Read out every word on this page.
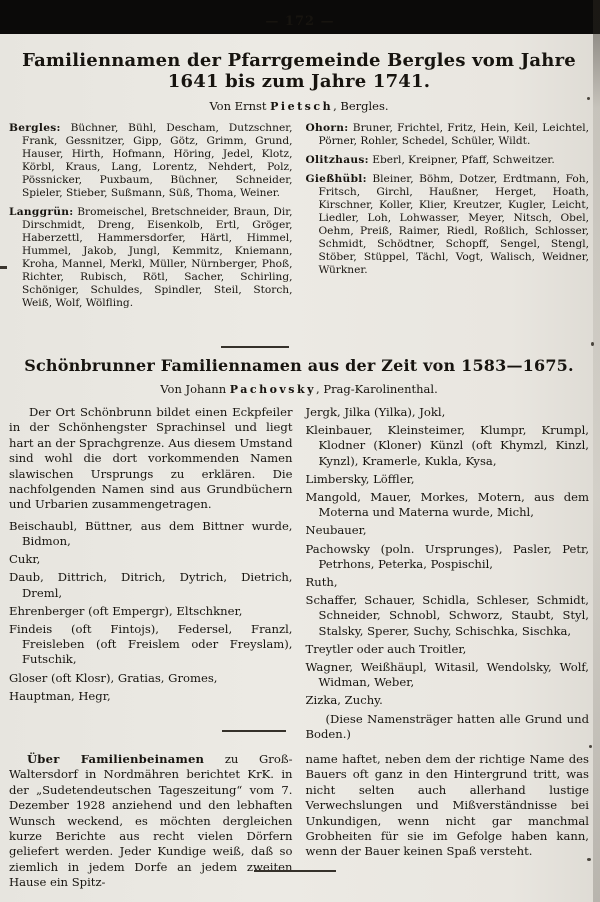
— 172 —
Familiennamen der Pfarrgemeinde Bergles vom Jahre
1641 bis zum Jahre 1741.
Von Ernst Pietsch, Bergles.

Bergles: Büchner, Bühl, Descham, Dutzschner, Frank, Gessnitzer, Gipp, Götz, Grimm, Grund, Hauser, Hirth, Hofmann, Höring, Jedel, Klotz, Körbl, Kraus, Lang, Lorentz, Nehdert, Polz, Pössnicker, Puxbaum, Büchner, Schneider, Spieler, Stieber, Sußmann, Süß, Thoma, Weiner.

Langgrün: Bromeischel, Bretschneider, Braun, Dir, Dirschmidt, Dreng, Eisenkolb, Ertl, Gröger, Haberzettl, Hammersdorfer, Härtl, Himmel, Hummel, Jakob, Jungl, Kemmitz, Kniemann, Kroha, Mannel, Merkl, Müller, Nürnberger, Phoß, Richter, Rubisch, Rötl, Sacher, Schirling, Schöniger, Schuldes, Spindler, Steil, Storch, Weiß, Wolf, Wölfling.

Ohorn: Bruner, Frichtel, Fritz, Hein, Keil, Leichtel, Pörner, Rohler, Schedel, Schüler, Wildt.

Olitzhaus: Eberl, Kreipner, Pfaff, Schweitzer.

Gießhübl: Bleiner, Böhm, Dotzer, Erdtmann, Foh, Fritsch, Girchl, Haußner, Herget, Hoath, Kirschner, Koller, Klier, Kreutzer, Kugler, Leicht, Liedler, Loh, Lohwasser, Meyer, Nitsch, Obel, Oehm, Preiß, Raimer, Riedl, Roßlich, Schlosser, Schmidt, Schödtner, Schopff, Sengel, Stengl, Stöber, Stüppel, Tächl, Vogt, Walisch, Weidner, Würkner.

Schönbrunner Familiennamen aus der Zeit von 1583—1675.
Von Johann Pachovsky, Prag-Karolinenthal.

Der Ort Schönbrunn bildet einen Eckpfeiler in der Schönhengster Sprachinsel und liegt hart an der Sprachgrenze. Aus diesem Umstand sind wohl die dort vorkommenden Namen slawischen Ursprungs zu erklären. Die nachfolgenden Namen sind aus Grundbüchern und Urbarien zusammengetragen.

Beischaubl, Büttner, aus dem Bittner wurde, Bidmon,

Cukr,

Daub, Dittrich, Ditrich, Dytrich, Dietrich, Dreml,

Ehrenberger (oft Empergr), Eltschkner,

Findeis (oft Fintojs), Federsel, Franzl, Freisleben (oft Freislem oder Freyslam), Futschik,

Gloser (oft Klosr), Gratias, Gromes,

Hauptman, Hegr,

Jergk, Jilka (Yilka), Jokl,

Kleinbauer, Kleinsteimer, Klumpr, Krumpl, Klodner (Kloner) Künzl (oft Khymzl, Kinzl, Kynzl), Kramerle, Kukla, Kysa,

Limbersky, Löffler,

Mangold, Mauer, Morkes, Motern, aus dem Moterna und Materna wurde, Michl,

Neubauer,

Pachowsky (poln. Ursprunges), Pasler, Petr, Petrhons, Peterka, Pospischil,

Ruth,

Schaffer, Schauer, Schidla, Schleser, Schmidt, Schneider, Schnobl, Schworz, Staubt, Styl, Stalsky, Sperer, Suchy, Schischka, Sischka,

Treytler oder auch Troitler,

Wagner, Weißhäupl, Witasil, Wendolsky, Wolf, Widman, Weber,

Zizka, Zuchy.

(Diese Namensträger hatten alle Grund und Boden.)

Über Familienbeinamen zu Groß-Waltersdorf in Nordmähren berichtet KrK. in der „Sudetendeutschen Tageszeitung“ vom 7. Dezember 1928 anziehend und den lebhaften Wunsch weckend, es möchten dergleichen kurze Berichte aus recht vielen Dörfern geliefert werden. Jeder Kundige weiß, daß so ziemlich in jedem Dorfe an jedem zweiten Hause ein Spitz-

name haftet, neben dem der richtige Name des Bauers oft ganz in den Hintergrund tritt, was nicht selten auch allerhand lustige Verwechslungen und Mißverständnisse bei Unkundigen, wenn nicht gar manchmal Grobheiten für sie im Gefolge haben kann, wenn der Bauer keinen Spaß versteht.
